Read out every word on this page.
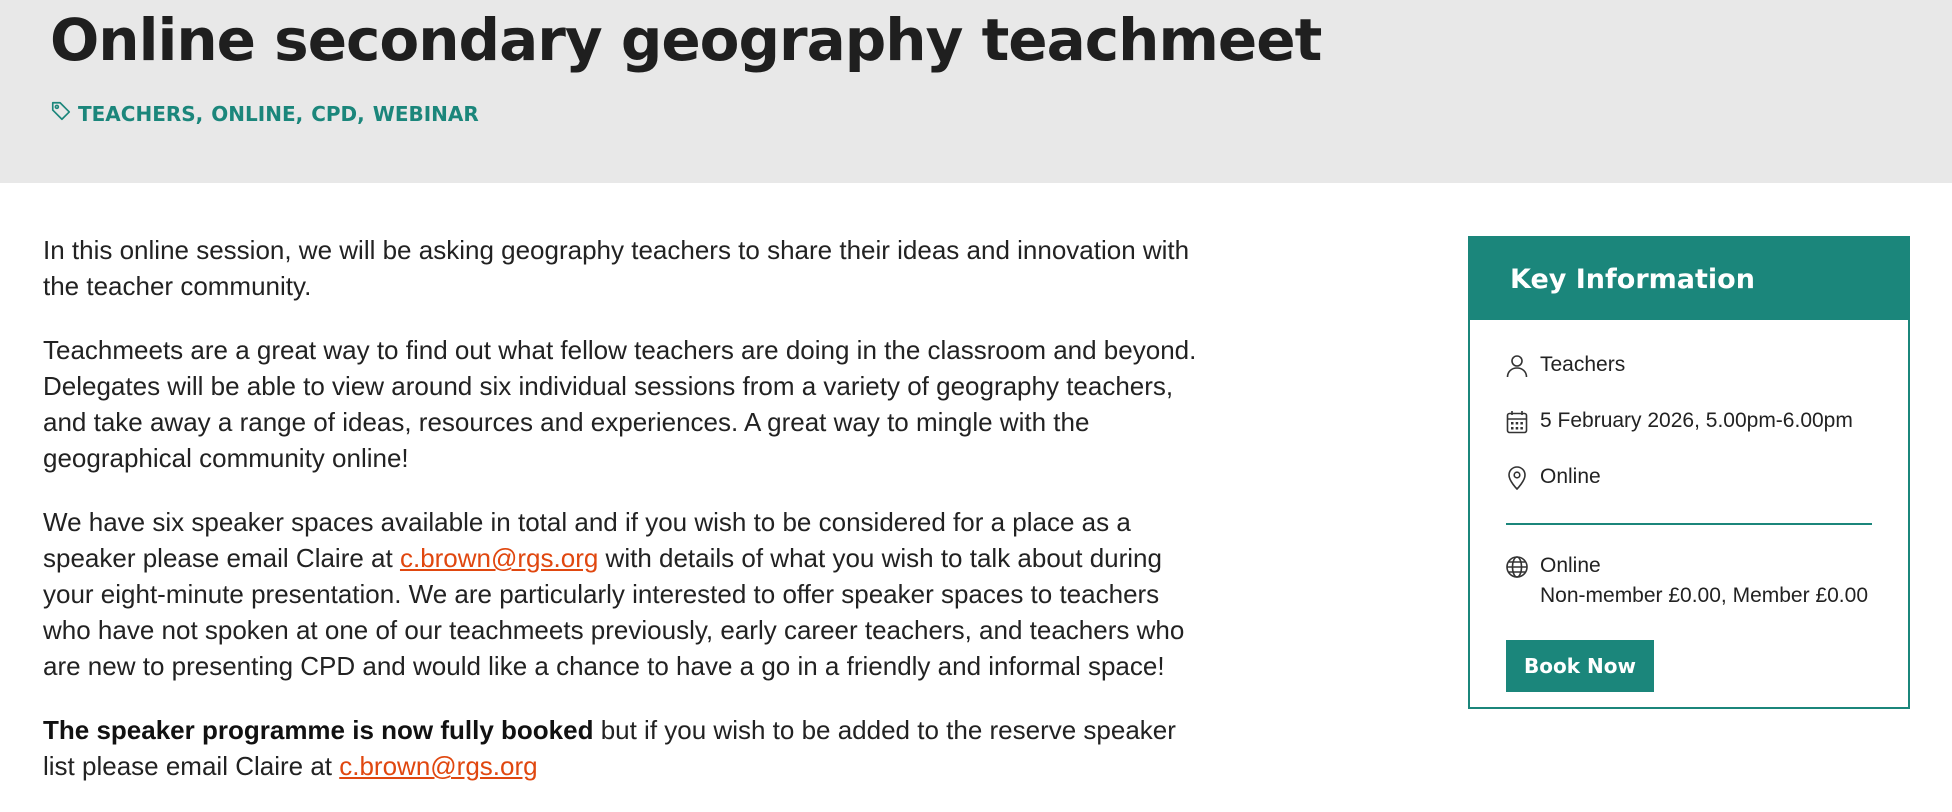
Online secondary geography teachmeet
TEACHERS, ONLINE, CPD, WEBINAR

In this online session, we will be asking geography teachers to share their ideas and innovation with the teacher community.

Teachmeets are a great way to find out what fellow teachers are doing in the classroom and beyond. Delegates will be able to view around six individual sessions from a variety of geography teachers, and take away a range of ideas, resources and experiences. A great way to mingle with the geographical community online!

We have six speaker spaces available in total and if you wish to be considered for a place as a speaker please email Claire at c.brown@rgs.org with details of what you wish to talk about during your eight-minute presentation. We are particularly interested to offer speaker spaces to teachers who have not spoken at one of our teachmeets previously, early career teachers, and teachers who are new to presenting CPD and would like a chance to have a go in a friendly and informal space!

The speaker programme is now fully booked but if you wish to be added to the reserve speaker list please email Claire at c.brown@rgs.org

Key Information
Teachers
5 February 2026, 5.00pm-6.00pm
Online
Online
Non-member £0.00, Member £0.00
Book Now
